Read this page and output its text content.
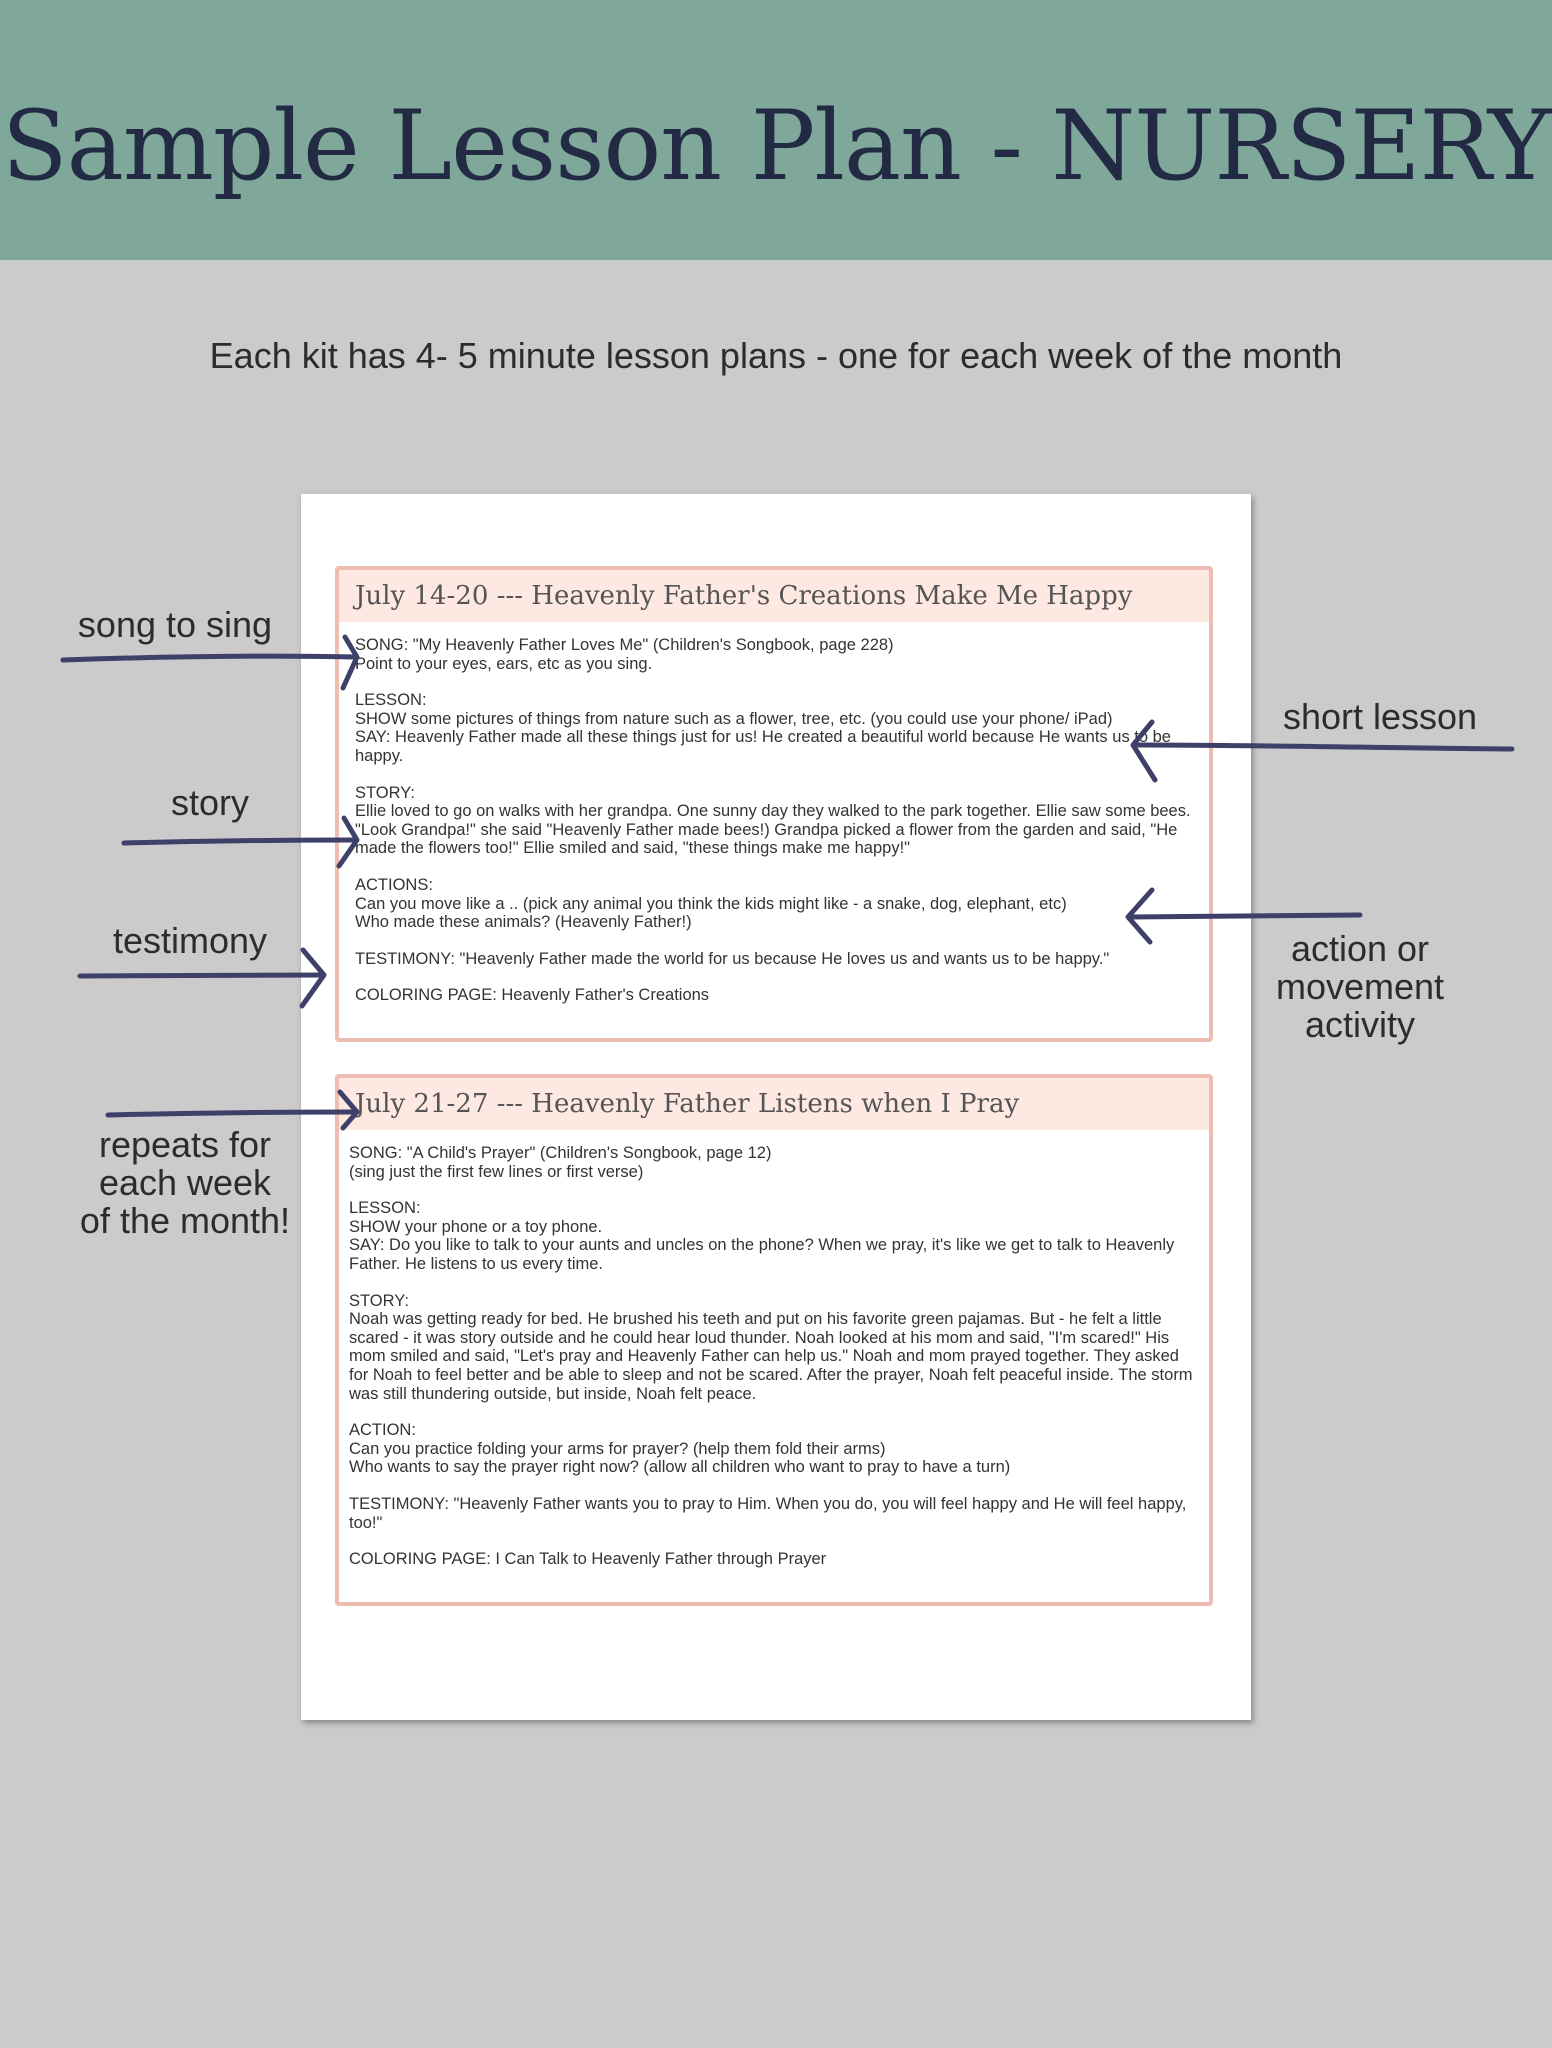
Sample Lesson Plan - NURSERY
Each kit has 4- 5 minute lesson plans - one for each week of the month
July 14-20 --- Heavenly Father's Creations Make Me Happy

SONG: "My Heavenly Father Loves Me" (Children's Songbook, page 228)
Point to your eyes, ears, etc as you sing.

LESSON:
SHOW some pictures of things from nature such as a flower, tree, etc. (you could use your phone/ iPad)
SAY: Heavenly Father made all these things just for us! He created a beautiful world because He wants us to be happy.

STORY:
Ellie loved to go on walks with her grandpa. One sunny day they walked to the park together. Ellie saw some bees. "Look Grandpa!" she said "Heavenly Father made bees!) Grandpa picked a flower from the garden and said, "He made the flowers too!" Ellie smiled and said, "these things make me happy!"

ACTIONS:
Can you move like a .. (pick any animal you think the kids might like - a snake, dog, elephant, etc)
Who made these animals? (Heavenly Father!)

TESTIMONY: "Heavenly Father made the world for us because He loves us and wants us to be happy."

COLORING PAGE: Heavenly Father's Creations

July 21-27 --- Heavenly Father Listens when I Pray

SONG: "A Child's Prayer" (Children's Songbook, page 12)
(sing just the first few lines or first verse)

LESSON:
SHOW your phone or a toy phone.
SAY: Do you like to talk to your aunts and uncles on the phone? When we pray, it's like we get to talk to Heavenly Father. He listens to us every time.

STORY:
Noah was getting ready for bed. He brushed his teeth and put on his favorite green pajamas. But - he felt a little scared - it was story outside and he could hear loud thunder. Noah looked at his mom and said, "I'm scared!" His mom smiled and said, "Let's pray and Heavenly Father can help us." Noah and mom prayed together. They asked for Noah to feel better and be able to sleep and not be scared. After the prayer, Noah felt peaceful inside. The storm was still thundering outside, but inside, Noah felt peace.

ACTION:
Can you practice folding your arms for prayer? (help them fold their arms)
Who wants to say the prayer right now? (allow all children who want to pray to have a turn)

TESTIMONY: "Heavenly Father wants you to pray to Him. When you do, you will feel happy and He will feel happy, too!"

COLORING PAGE: I Can Talk to Heavenly Father through Prayer

song to sing
story
testimony
repeats for
each week
of the month!
short lesson
action or
movement
activity
